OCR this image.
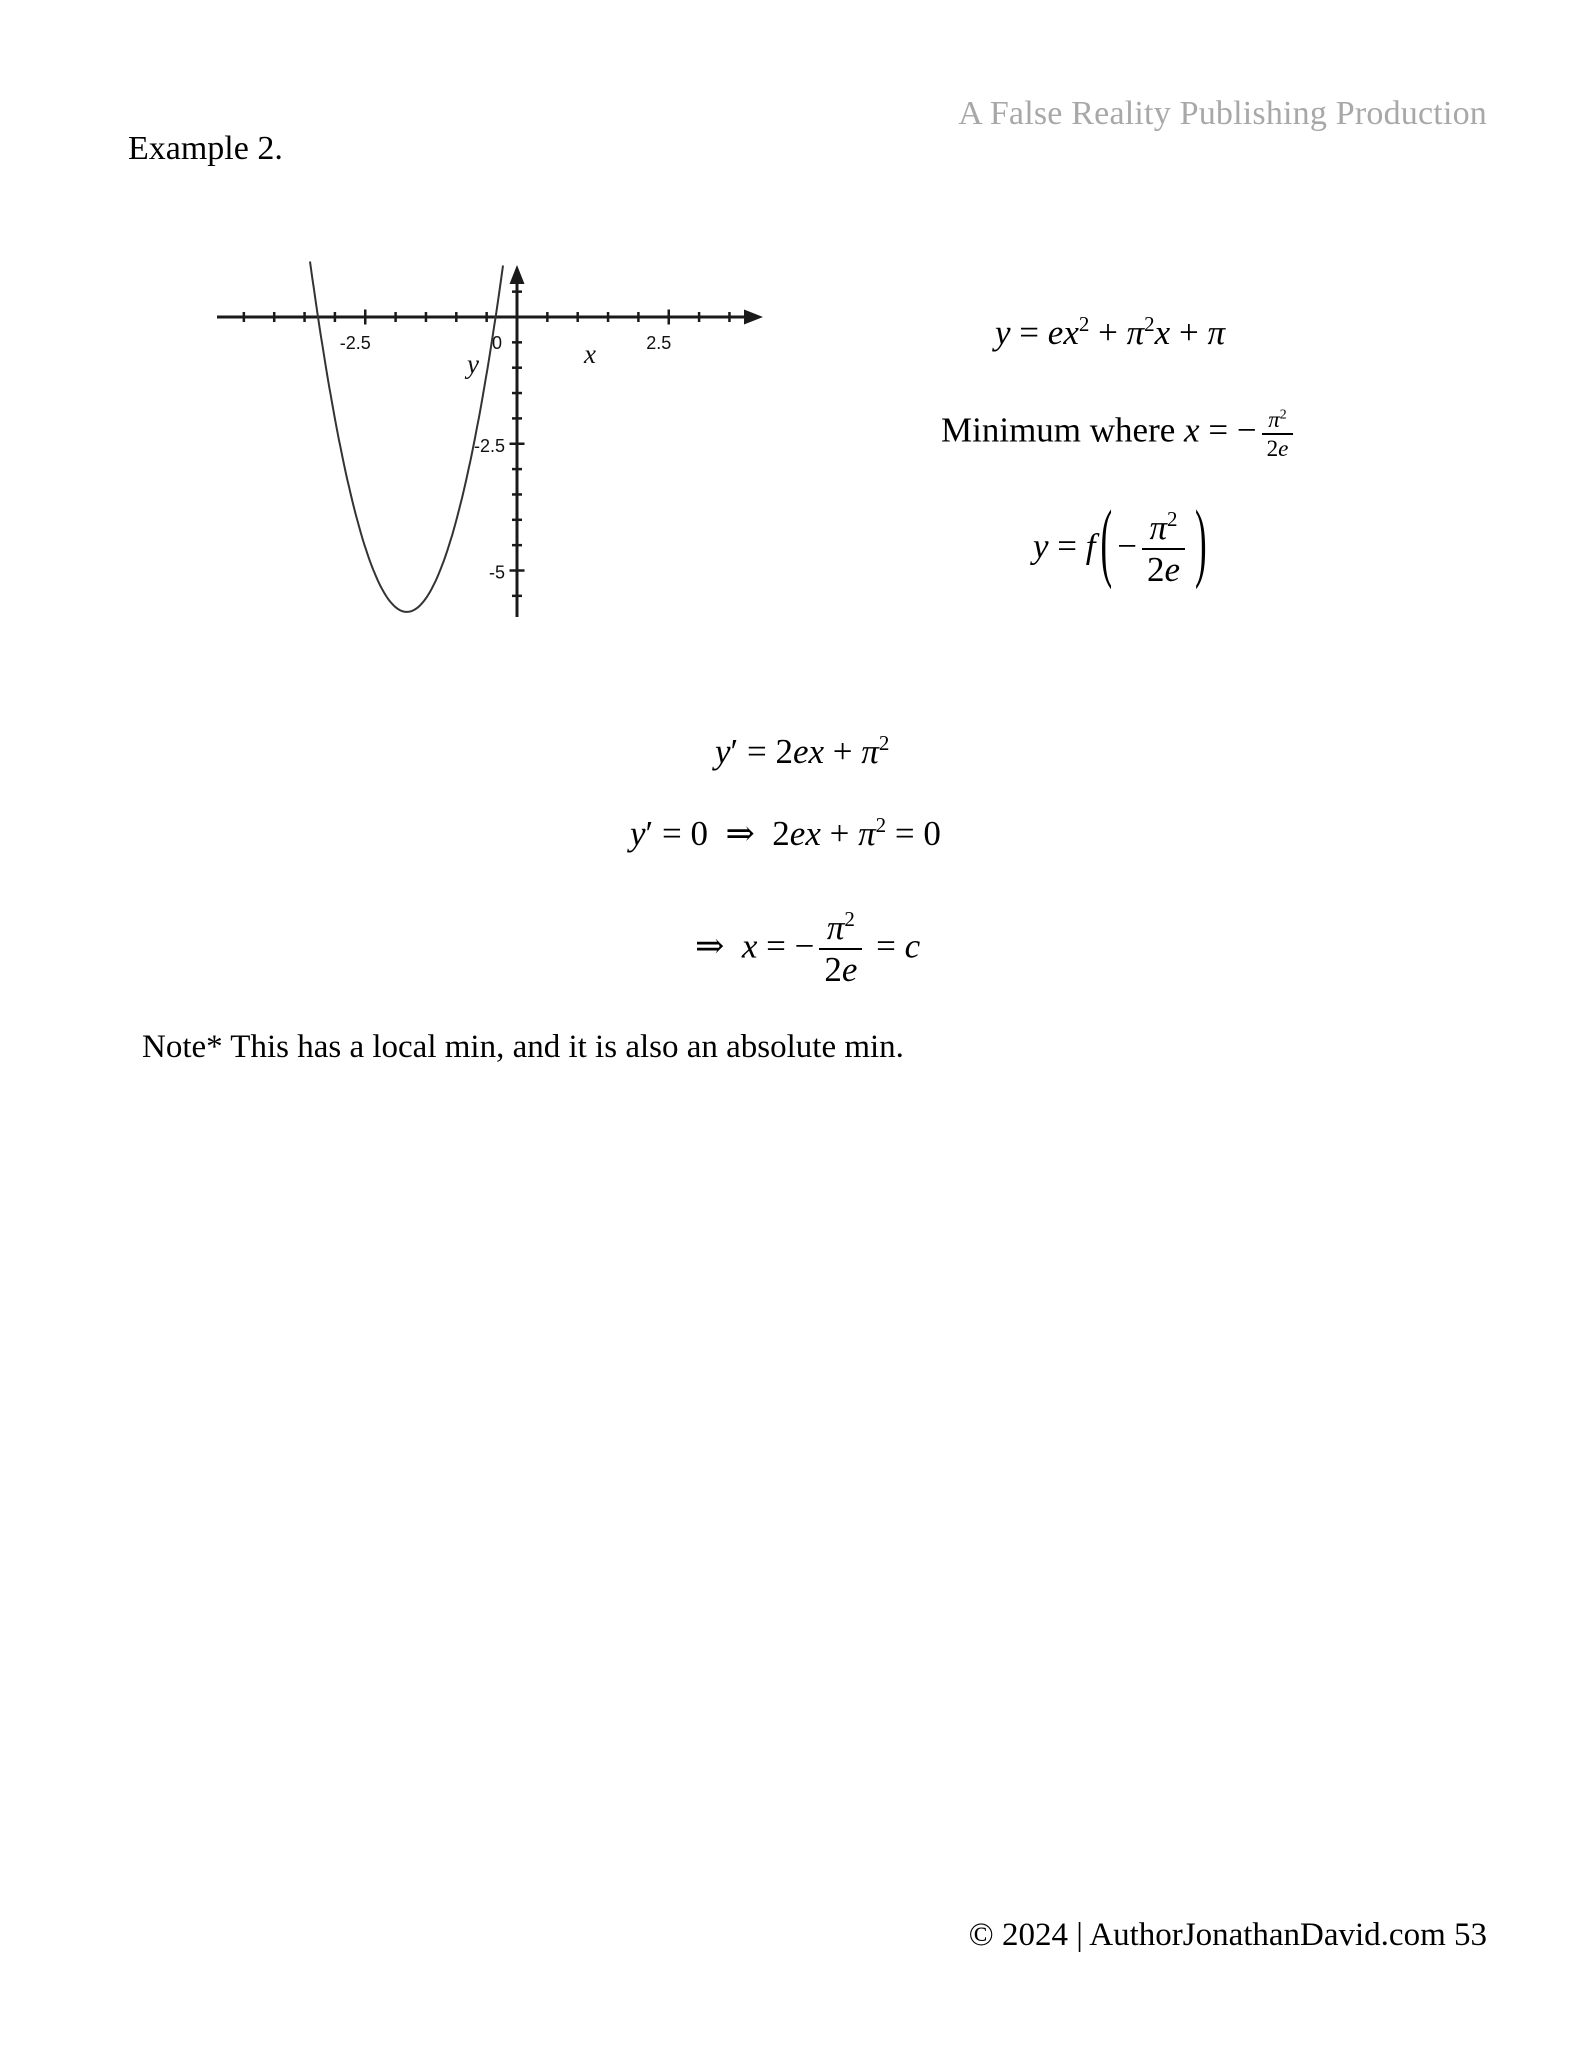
A False Reality Publishing Production
Example 2.
-2.5	0	2.5
-2.5
-5
x
y
$y = ex^2 + \pi^2x + \pi$
Minimum where x = − $\frac{\pi^2}{2e}$
y = f ( − $\frac{\pi^2}{2e}$ )
$y' = 2ex + \pi^2$
y′ = 0  ⇒  $2ex + \pi^2 = 0$
⇒  x = − $\frac{\pi^2}{2e} = c$
Note* This has a local min, and it is also an absolute min.
© 2024 | AuthorJonathanDavid.com 53
